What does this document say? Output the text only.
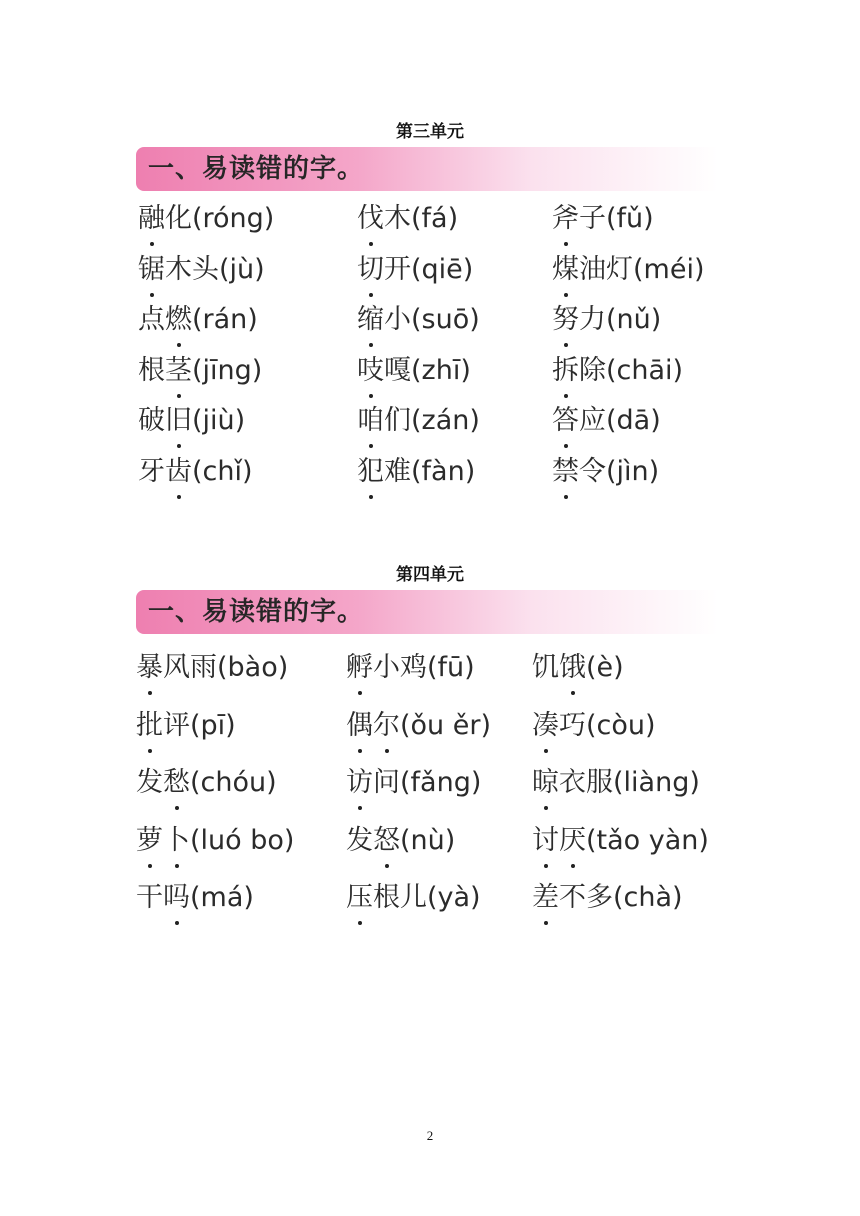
第三单元
一、易读错的字。
融化(róng)	伐木(fá)	斧子(fǔ)
锯木头(jù)	切开(qiē)	煤油灯(méi)
点燃(rán)	缩小(suō)	努力(nǔ)
根茎(jīng)	吱嘎(zhī)	拆除(chāi)
破旧(jiù)	咱们(zán)	答应(dā)
牙齿(chǐ)	犯难(fàn)	禁令(jìn)
第四单元
一、易读错的字。
暴风雨(bào) 孵小鸡(fū) 饥饿(è)
批评(pī)	偶尔(ǒu ěr) 凑巧(còu)
发愁(chóu)	访问(fǎng) 晾衣服(liàng)
萝卜(luó bo) 发怒(nù)	讨厌(tǎo yàn)
干吗(má)	压根儿(yà) 差不多(chà)
2
